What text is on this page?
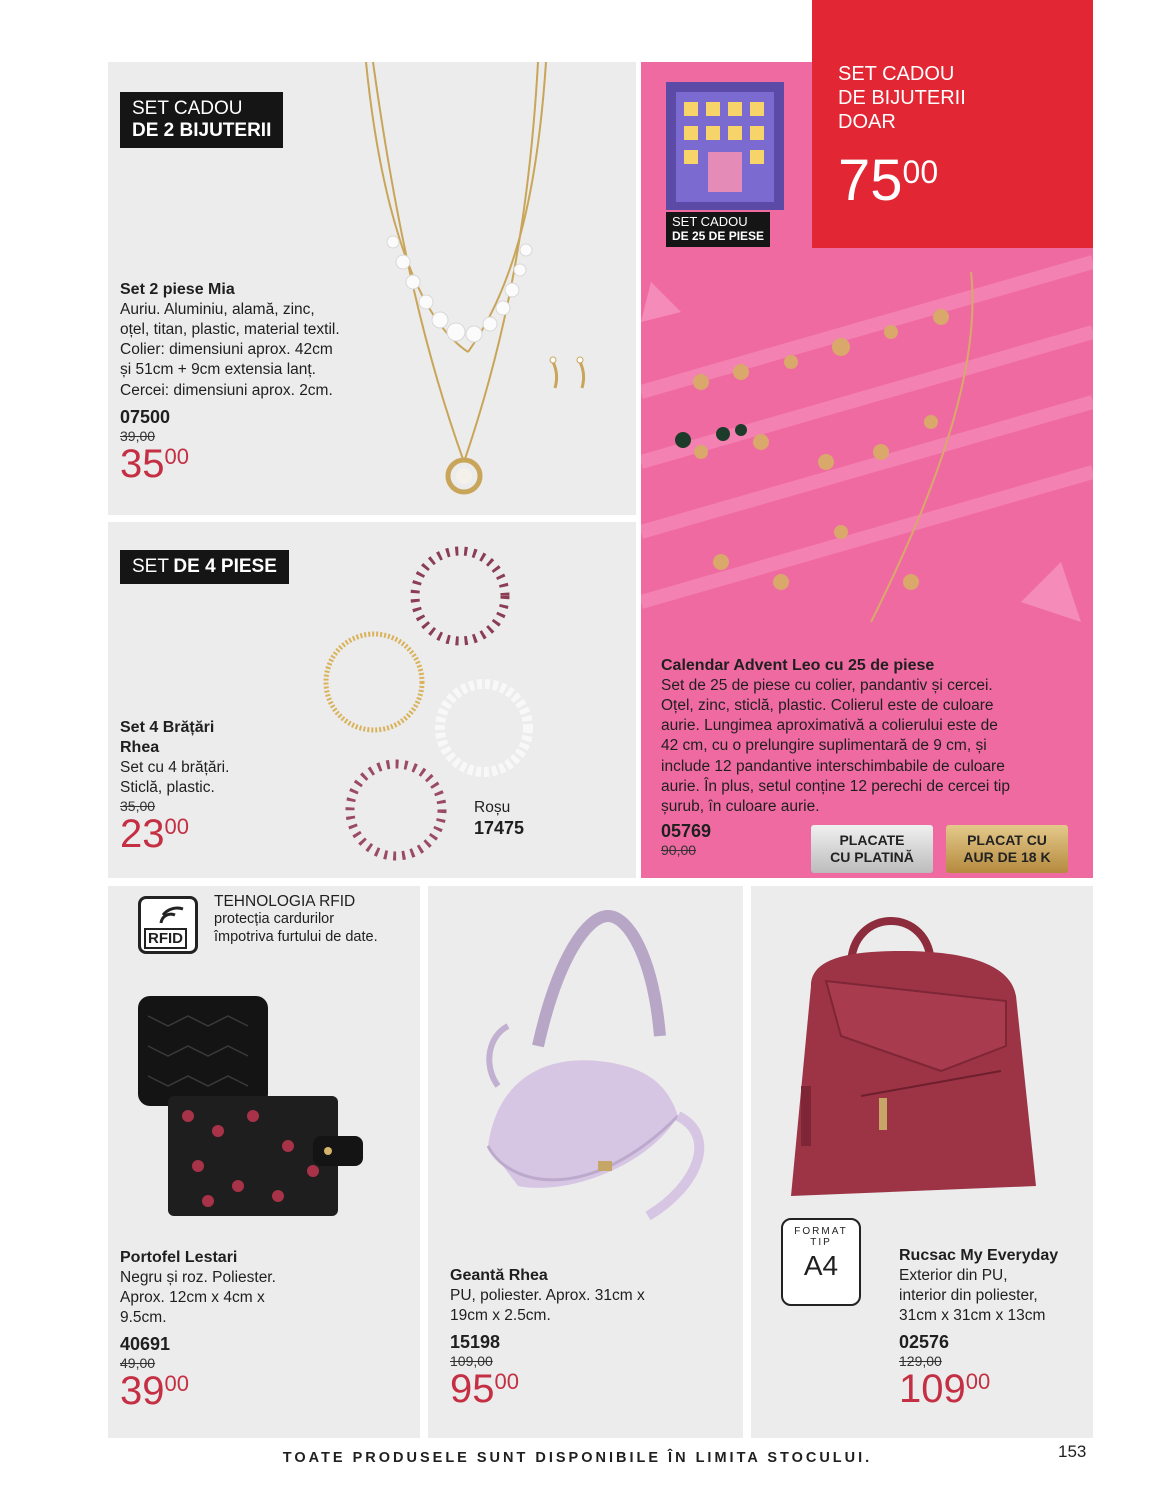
SET CADOU
DE 2 BIJUTERII
Set 2 piese Mia
Auriu. Aluminiu, alamă, zinc,
oțel, titan, plastic, material textil.
Colier: dimensiuni aprox. 42cm
și 51cm + 9cm extensia lanț.
Cercei: dimensiuni aprox. 2cm.
07500
39,00
$35^{00}$
SET DE 4 PIESE
Set 4 Brățări
Rhea
Set cu 4 brățări.
Sticlă, plastic.
35,00
$23^{00}$
Roșu
17475
SET CADOU
DE 25 DE PIESE
Calendar Advent Leo cu 25 de piese
Set de 25 de piese cu colier, pandantiv și cercei.
Oțel, zinc, sticlă, plastic. Colierul este de culoare
aurie. Lungimea aproximativă a colierului este de
42 cm, cu o prelungire suplimentară de 9 cm, și
include 12 pandantive interschimbabile de culoare
aurie. În plus, setul conține 12 perechi de cercei tip
șurub, în culoare aurie.
05769
90,00
SET CADOU
DE BIJUTERII
DOAR
$75^{00}$
PLACATE
CU PLATINĂ
PLACAT CU
AUR DE 18 K
RFID
TEHNOLOGIA RFID
protecția cardurilor
împotriva furtului de date.
Portofel Lestari
Negru și roz. Poliester.
Aprox. 12cm x 4cm x
9.5cm.
40691
49,00
$39^{00}$
Geantă Rhea
PU, poliester. Aprox. 31cm x
19cm x 2.5cm.
15198
109,00
$95^{00}$
FORMAT
TIP
A4	Rucsac My Everyday
Exterior din PU,
interior din poliester,
31cm x 31cm x 13cm
02576
129,00
$109^{00}$
TOATE PRODUSELE SUNT DISPONIBILE ÎN LIMITA STOCULUI.	153
